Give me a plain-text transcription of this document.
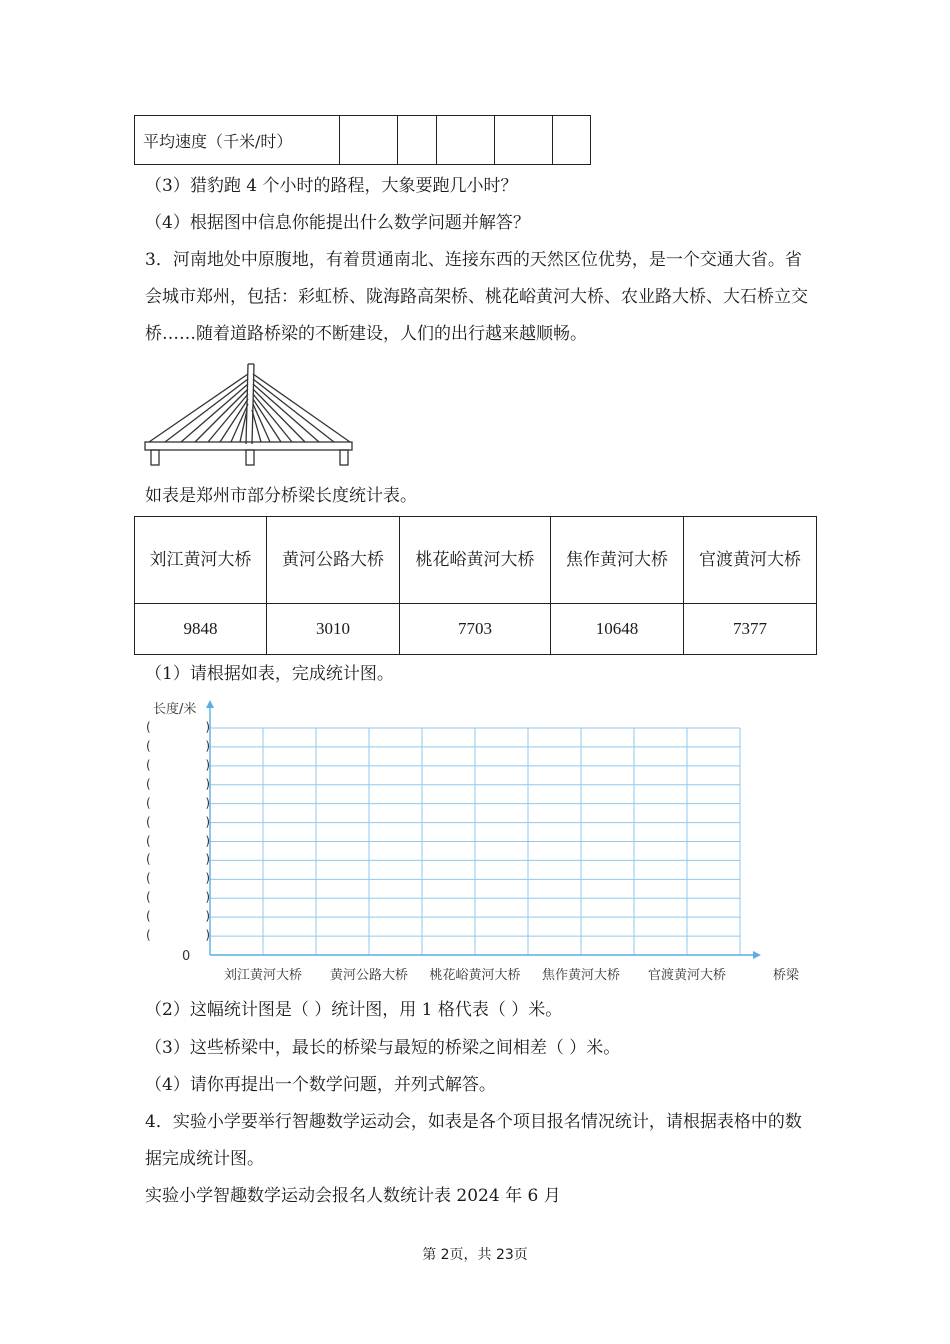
平均速度（千米/时）					
（3）猎豹跑 4 个小时的路程，大象要跑几小时？
（4）根据图中信息你能提出什么数学问题并解答？
3．河南地处中原腹地，有着贯通南北、连接东西的天然区位优势，是一个交通大省。省会城市郑州，包括：彩虹桥、陇海路高架桥、桃花峪黄河大桥、农业路大桥、大石桥立交桥……随着道路桥梁的不断建设，人们的出行越来越顺畅。
如表是郑州市部分桥梁长度统计表。
刘江黄河大桥	黄河公路大桥	桃花峪黄河大桥	焦作黄河大桥	官渡黄河大桥
9848	3010	7703	10648	7377
（1）请根据如表，完成统计图。
长度/米
(	)
(	)
(	)
(	)
(	)
(	)
(	)
(	)
(	)
(	)
(	)
(	)
0
刘江黄河大桥	黄河公路大桥	桃花峪黄河大桥	焦作黄河大桥	官渡黄河大桥	桥梁
（2）这幅统计图是（ ）统计图，用 1 格代表（ ）米。
（3）这些桥梁中，最长的桥梁与最短的桥梁之间相差（ ）米。
（4）请你再提出一个数学问题，并列式解答。
4．实验小学要举行智趣数学运动会，如表是各个项目报名情况统计，请根据表格中的数据完成统计图。
实验小学智趣数学运动会报名人数统计表 2024 年 6 月
第 2页，共 23页
